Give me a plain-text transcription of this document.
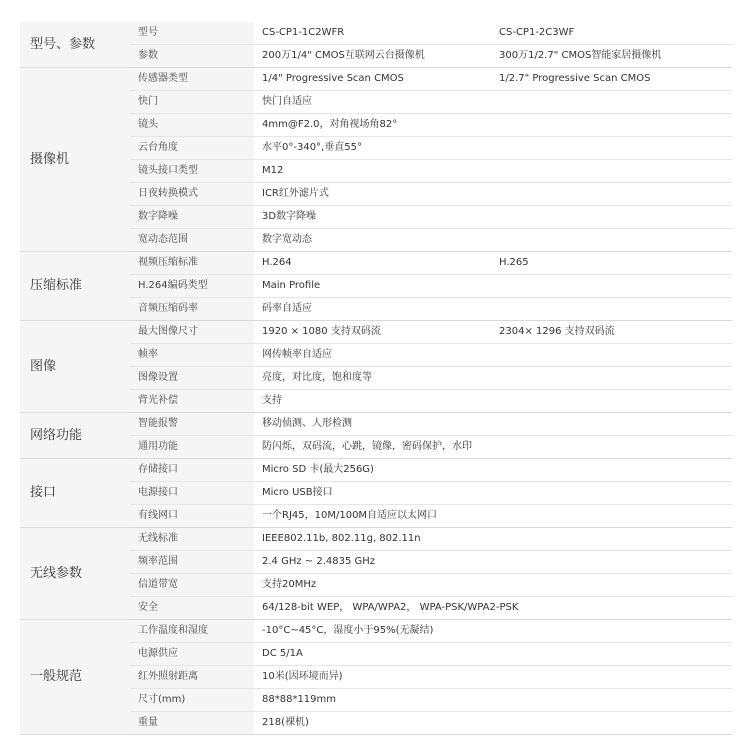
型号、参数	型号	CS-CP1-1C2WFR	CS-CP1-2C3WF
	参数	200万1/4" CMOS互联网云台摄像机	300万1/2.7" CMOS智能家居摄像机
摄像机	传感器类型	1/4" Progressive Scan CMOS	1/2.7" Progressive Scan CMOS
	快门	快门自适应	
	镜头	4mm@F2.0，对角视场角82°	
	云台角度	水平0°-340°,垂直55°	
	镜头接口类型	M12	
	日夜转换模式	ICR红外滤片式	
	数字降噪	3D数字降噪	
	宽动态范围	数字宽动态	
压缩标准	视频压缩标准	H.264	H.265
	H.264编码类型	Main Profile	
	音频压缩码率	码率自适应	
图像	最大图像尺寸	1920 × 1080 支持双码流	2304× 1296 支持双码流
	帧率	网传帧率自适应	
	图像设置	亮度，对比度，饱和度等	
	背光补偿	支持	
网络功能	智能报警	移动侦测、人形检测	
	通用功能	防闪烁，双码流，心跳，镜像，密码保护，水印	
接口	存储接口	Micro SD 卡(最大256G)	
	电源接口	Micro USB接口	
	有线网口	一个RJ45，10M/100M自适应以太网口	
无线参数	无线标准	IEEE802.11b, 802.11g, 802.11n	
	频率范围	2.4 GHz ~ 2.4835 GHz	
	信道带宽	支持20MHz	
	安全	64/128-bit WEP， WPA/WPA2， WPA-PSK/WPA2-PSK	
一般规范	工作温度和湿度	-10°C~45°C，湿度小于95%(无凝结)	
	电源供应	DC 5/1A	
	红外照射距离	10米(因环境而异)	
	尺寸(mm)	88*88*119mm	
	重量	218(裸机)	
